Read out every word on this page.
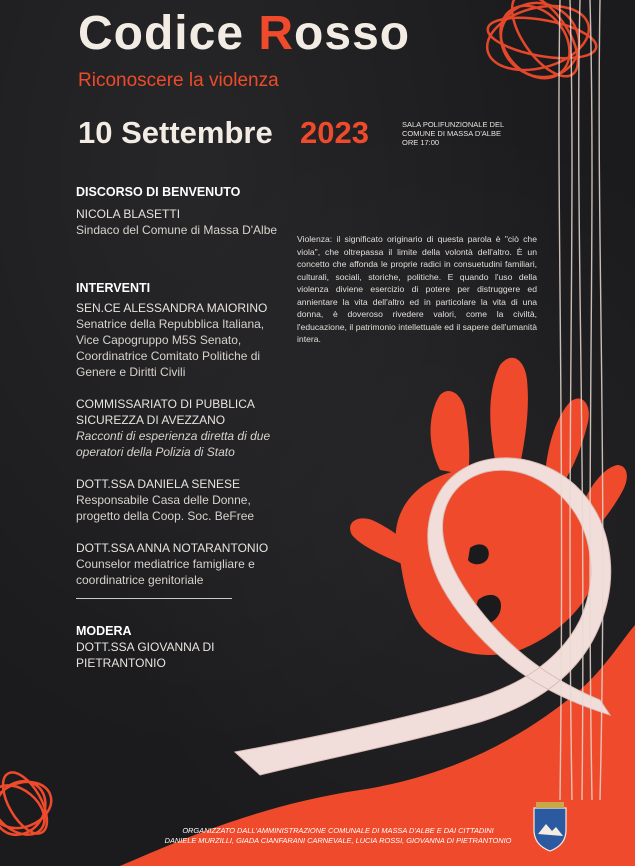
Codice Rosso
Riconoscere la violenza
10 Settembre 2023	SALA POLIFUNZIONALE DEL
COMUNE DI MASSA D'ALBE
ORE 17:00

DISCORSO DI BENVENUTO

NICOLA BLASETTI

Sindaco del Comune di Massa D'Albe

INTERVENTI

SEN.CE ALESSANDRA MAIORINO

Senatrice della Repubblica Italiana,

Vice Capogruppo M5S Senato,

Coordinatrice Comitato Politiche di

Genere e Diritti Civili

COMMISSARIATO DI PUBBLICA

SICUREZZA DI AVEZZANO

Racconti di esperienza diretta di due

operatori della Polizia di Stato

DOTT.SSA DANIELA SENESE

Responsabile Casa delle Donne,

progetto della Coop. Soc. BeFree

DOTT.SSA ANNA NOTARANTONIO

Counselor mediatrice famigliare e

coordinatrice genitoriale

MODERA

DOTT.SSA GIOVANNA DI PIETRANTONIO

Violenza: il significato originario di questa parola è "ciò che viola", che oltrepassa il limite della volontà dell'altro. È un concetto che affonda le proprie radici in consuetudini familiari, culturali, sociali, storiche, politiche. E quando l'uso della violenza diviene esercizio di potere per distruggere ed annientare la vita dell'altro ed in particolare la vita di una donna, è doveroso rivedere valori, come la civiltà, l'educazione, il patrimonio intellettuale ed il sapere dell'umanità intera.
ORGANIZZATO DALL'AMMINISTRAZIONE COMUNALE DI MASSA D'ALBE E DAI CITTADINI
DANIELE MURZILLI, GIADA CIANFARANI CARNEVALE, LUCIA ROSSI, GIOVANNA DI PIETRANTONIO
